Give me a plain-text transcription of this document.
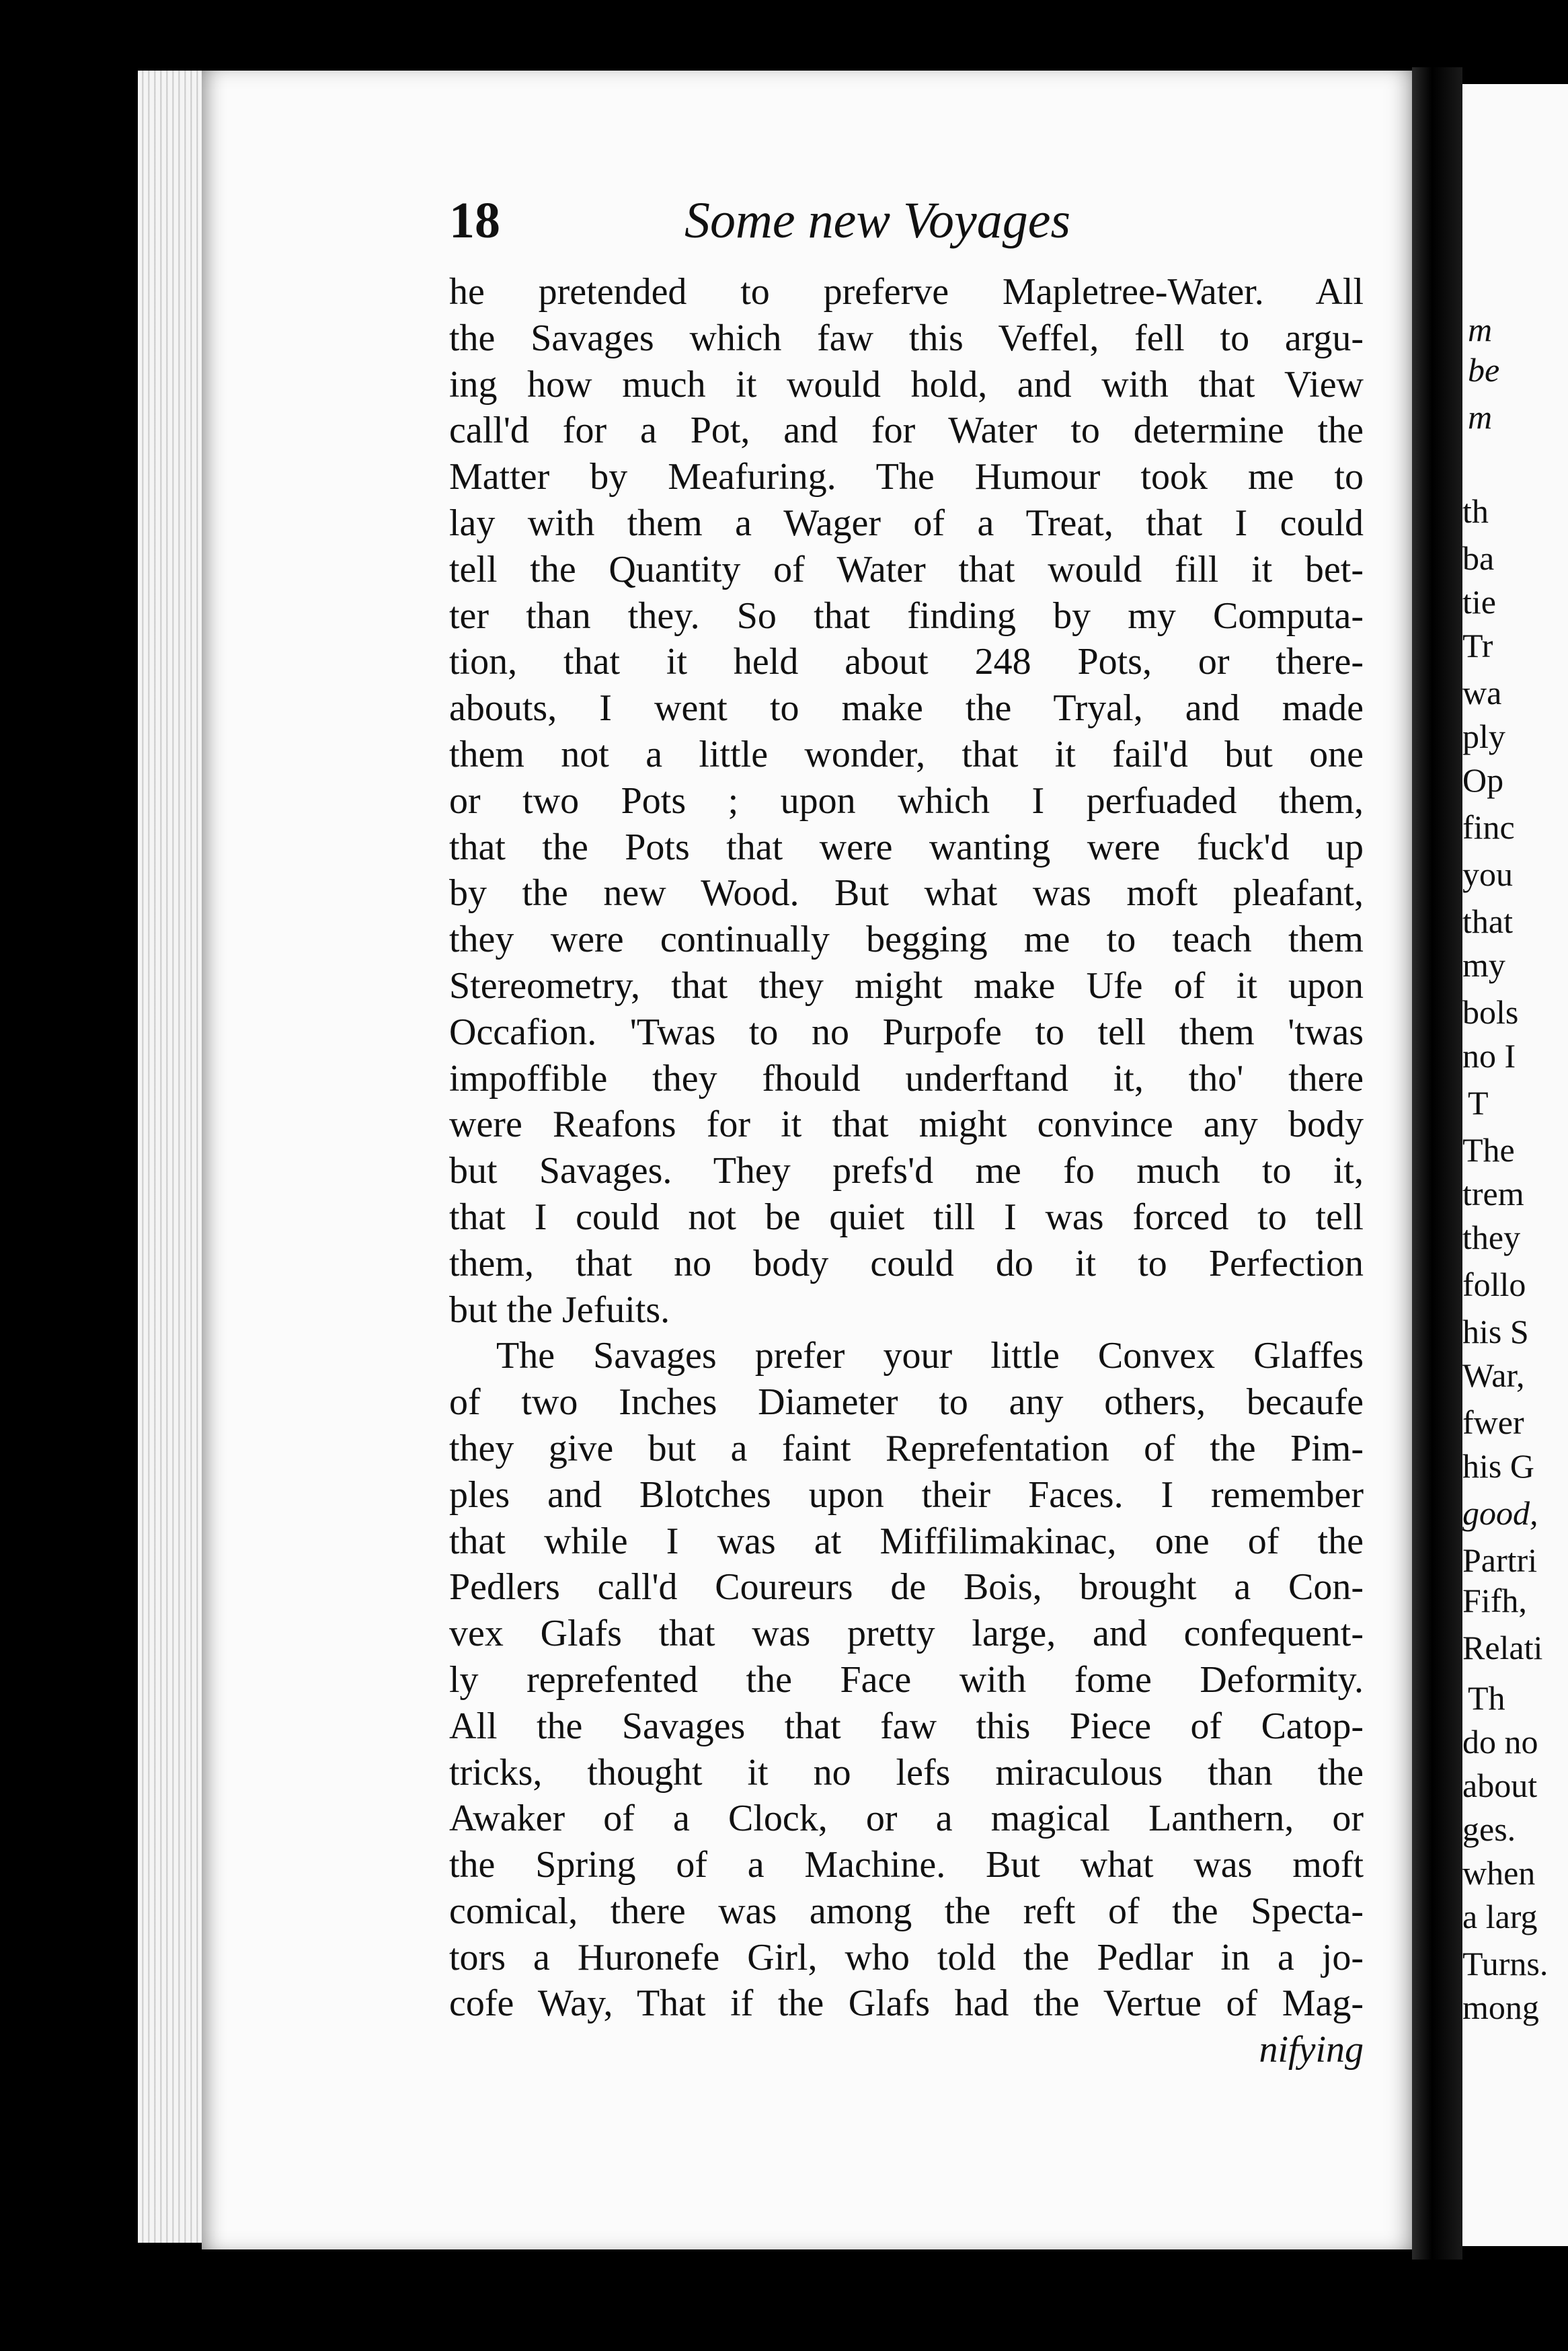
m
be
m
th
ba
tie
Tr
wa
ply
Op
finc
you
that
my
bols
no I
T
The
trem
they
follo
his S
War,
fwer
his G
good,
Partri
Fifh,
Relati
Th
do no
about
ges.
when
a larg
Turns.
mong
18	Some new Voyages
he pretended to preferve Mapletree-Water. All
the Savages which faw this Veffel, fell to argu-
ing how much it would hold, and with that View
call'd for a Pot, and for Water to determine the
Matter by Meafuring. The Humour took me to
lay with them a Wager of a Treat, that I could
tell the Quantity of Water that would fill it bet-
ter than they. So that finding by my Computa-
tion, that it held about 248 Pots, or there-
abouts, I went to make the Tryal, and made
them not a little wonder, that it fail'd but one
or two Pots ; upon which I perfuaded them,
that the Pots that were wanting were fuck'd up
by the new Wood. But what was moft pleafant,
they were continually begging me to teach them
Stereometry, that they might make Ufe of it upon
Occafion. 'Twas to no Purpofe to tell them 'twas
impoffible they fhould underftand it, tho' there
were Reafons for it that might convince any body
but Savages. They prefs'd me fo much to it,
that I could not be quiet till I was forced to tell
them, that no body could do it to Perfection
but the Jefuits.
The Savages prefer your little Convex Glaffes
of two Inches Diameter to any others, becaufe
they give but a faint Reprefentation of the Pim-
ples and Blotches upon their Faces. I remember
that while I was at Miffilimakinac, one of the
Pedlers call'd Coureurs de Bois, brought a Con-
vex Glafs that was pretty large, and confequent-
ly reprefented the Face with fome Deformity.
All the Savages that faw this Piece of Catop-
tricks, thought it no lefs miraculous than the
Awaker of a Clock, or a magical Lanthern, or
the Spring of a Machine. But what was moft
comical, there was among the reft of the Specta-
tors a Huronefe Girl, who told the Pedlar in a jo-
cofe Way, That if the Glafs had the Vertue of Mag-
nifying
